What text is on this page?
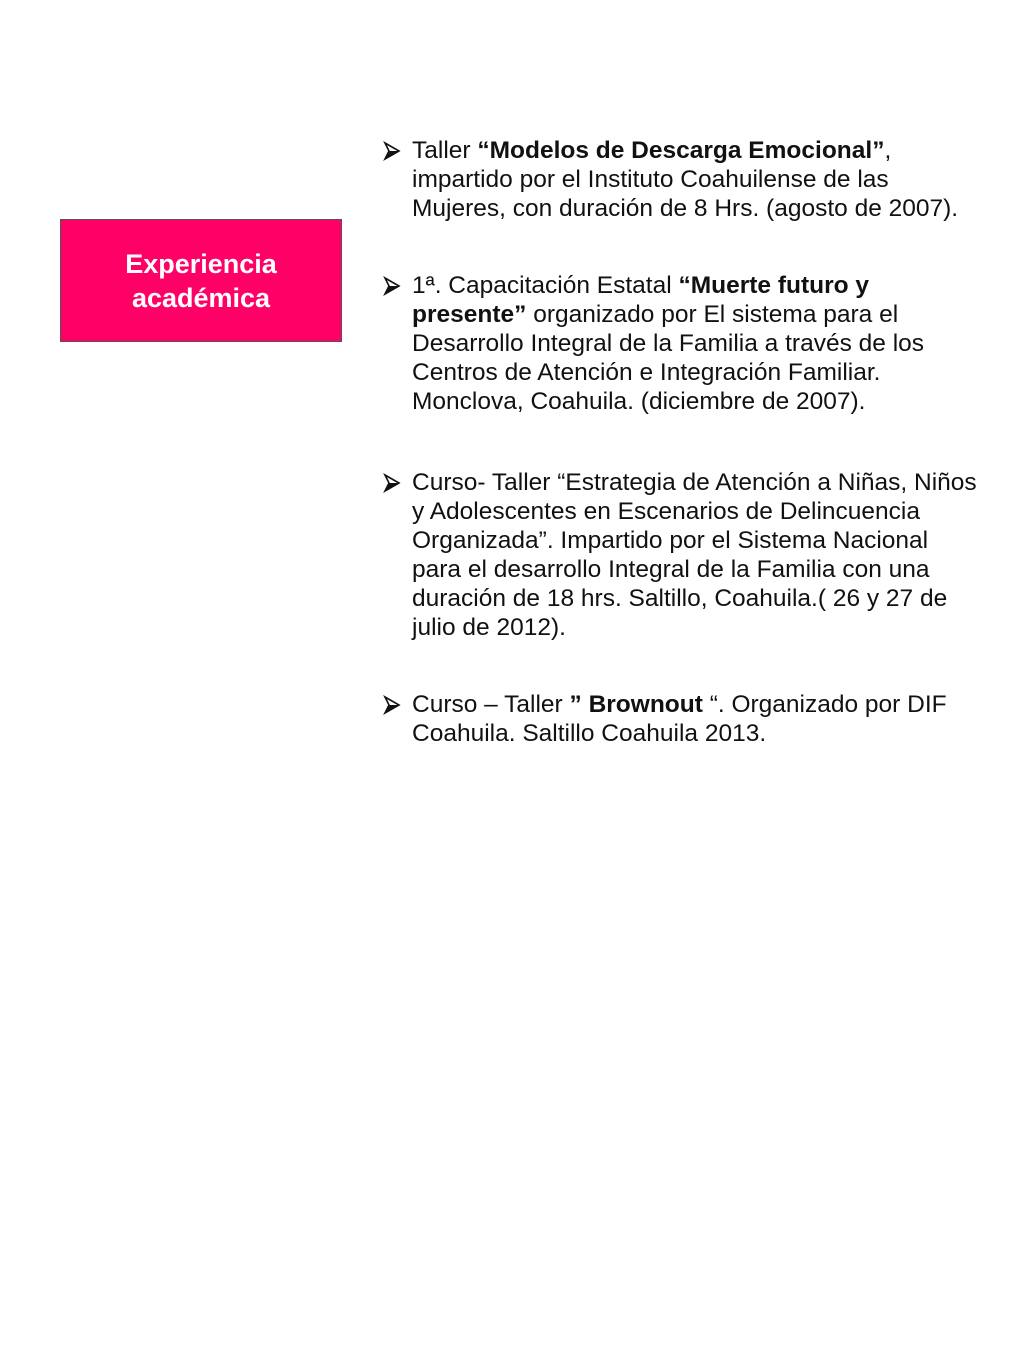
Experiencia
académica
Taller “Modelos de Descarga Emocional”, impartido por el Instituto Coahuilense de las Mujeres, con duración de 8 Hrs. (agosto de 2007).
1ª. Capacitación Estatal “Muerte futuro y presente” organizado por El sistema para el Desarrollo Integral de la Familia a través de los Centros de Atención e Integración Familiar. Monclova, Coahuila. (diciembre de 2007).
Curso- Taller “Estrategia de Atención a Niñas, Niños y Adolescentes en Escenarios de Delincuencia Organizada”. Impartido por el Sistema Nacional para el desarrollo Integral de la Familia con una duración de 18 hrs. Saltillo, Coahuila.( 26 y 27 de julio de 2012).
Curso – Taller ” Brownout “. Organizado por DIF Coahuila. Saltillo Coahuila 2013.
